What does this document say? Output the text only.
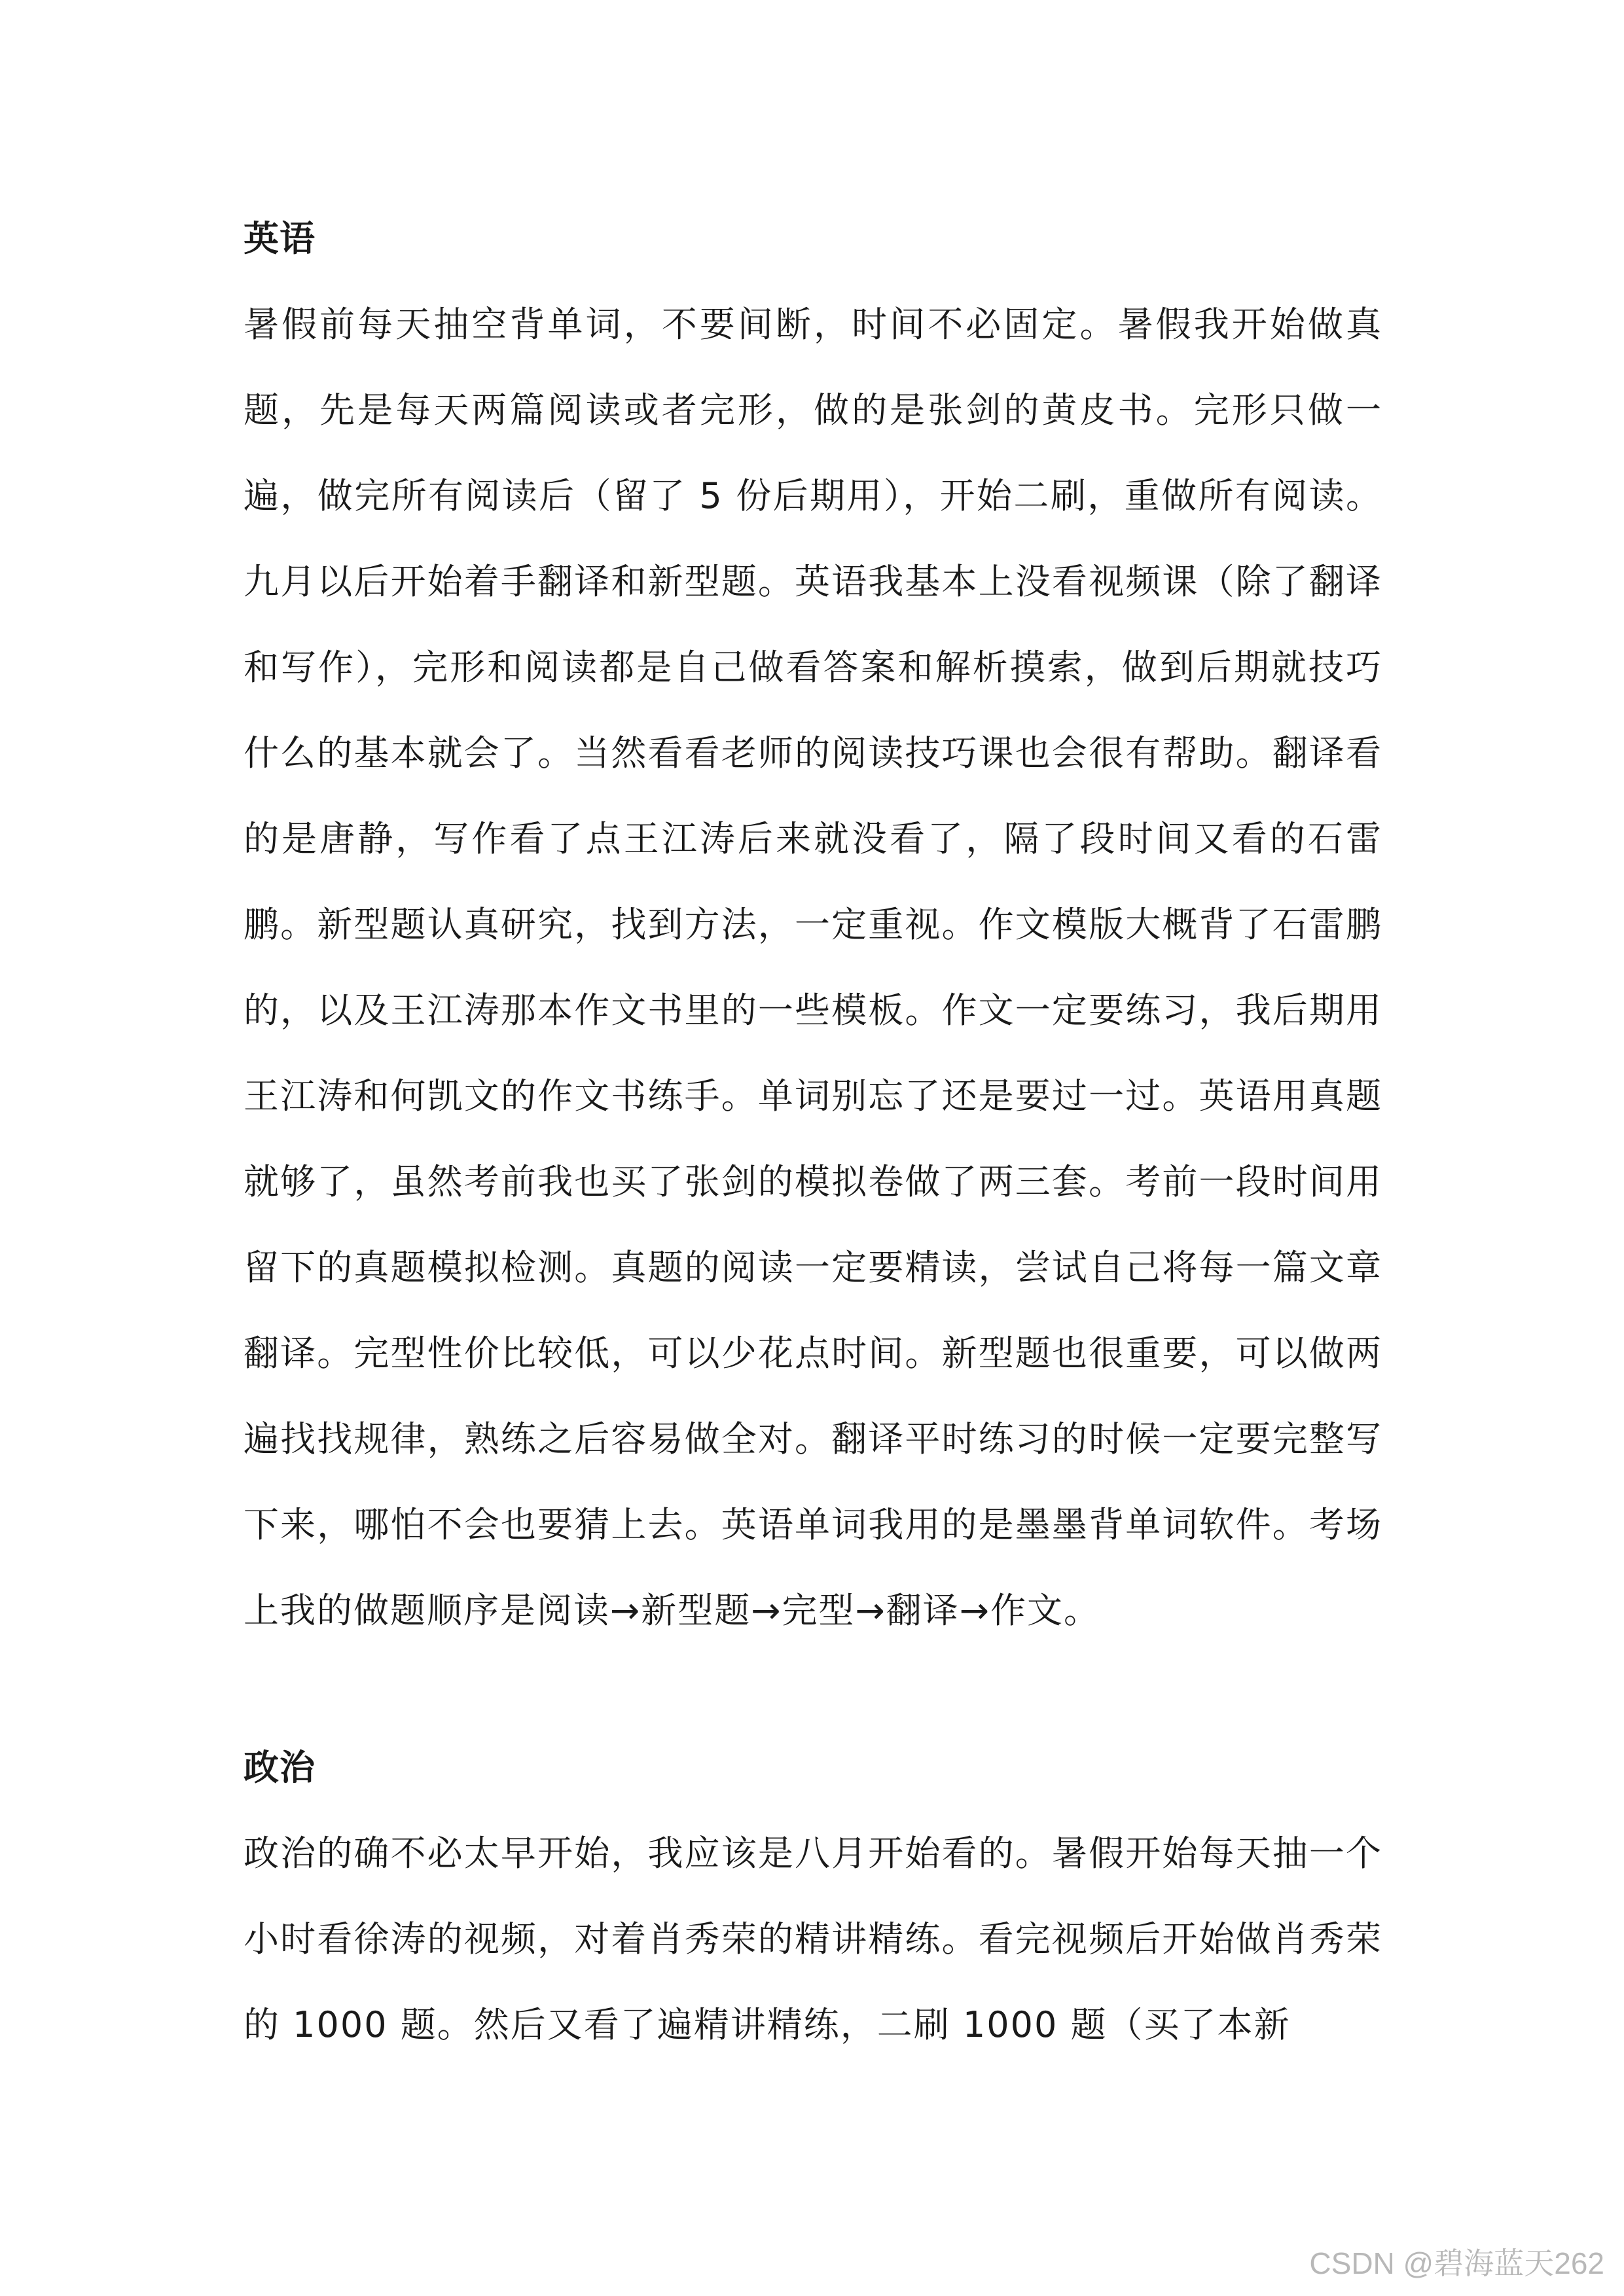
英语

暑假前每天抽空背单词，不要间断，时间不必固定。暑假我开始做真题，先是每天两篇阅读或者完形，做的是张剑的黄皮书。完形只做一遍，做完所有阅读后（留了 5 份后期用），开始二刷，重做所有阅读。九月以后开始着手翻译和新型题。英语我基本上没看视频课（除了翻译和写作），完形和阅读都是自己做看答案和解析摸索，做到后期就技巧什么的基本就会了。当然看看老师的阅读技巧课也会很有帮助。翻译看的是唐静，写作看了点王江涛后来就没看了，隔了段时间又看的石雷鹏。新型题认真研究，找到方法，一定重视。作文模版大概背了石雷鹏的，以及王江涛那本作文书里的一些模板。作文一定要练习，我后期用王江涛和何凯文的作文书练手。单词别忘了还是要过一过。英语用真题就够了，虽然考前我也买了张剑的模拟卷做了两三套。考前一段时间用留下的真题模拟检测。真题的阅读一定要精读，尝试自己将每一篇文章翻译。完型性价比较低，可以少花点时间。新型题也很重要，可以做两遍找找规律，熟练之后容易做全对。翻译平时练习的时候一定要完整写下来，哪怕不会也要猜上去。英语单词我用的是墨墨背单词软件。考场上我的做题顺序是阅读→新型题→完型→翻译→作文。

政治

政治的确不必太早开始，我应该是八月开始看的。暑假开始每天抽一个小时看徐涛的视频，对着肖秀荣的精讲精练。看完视频后开始做肖秀荣的 1000 题。然后又看了遍精讲精练，二刷 1000 题（买了本新

CSDN @碧海蓝天262
